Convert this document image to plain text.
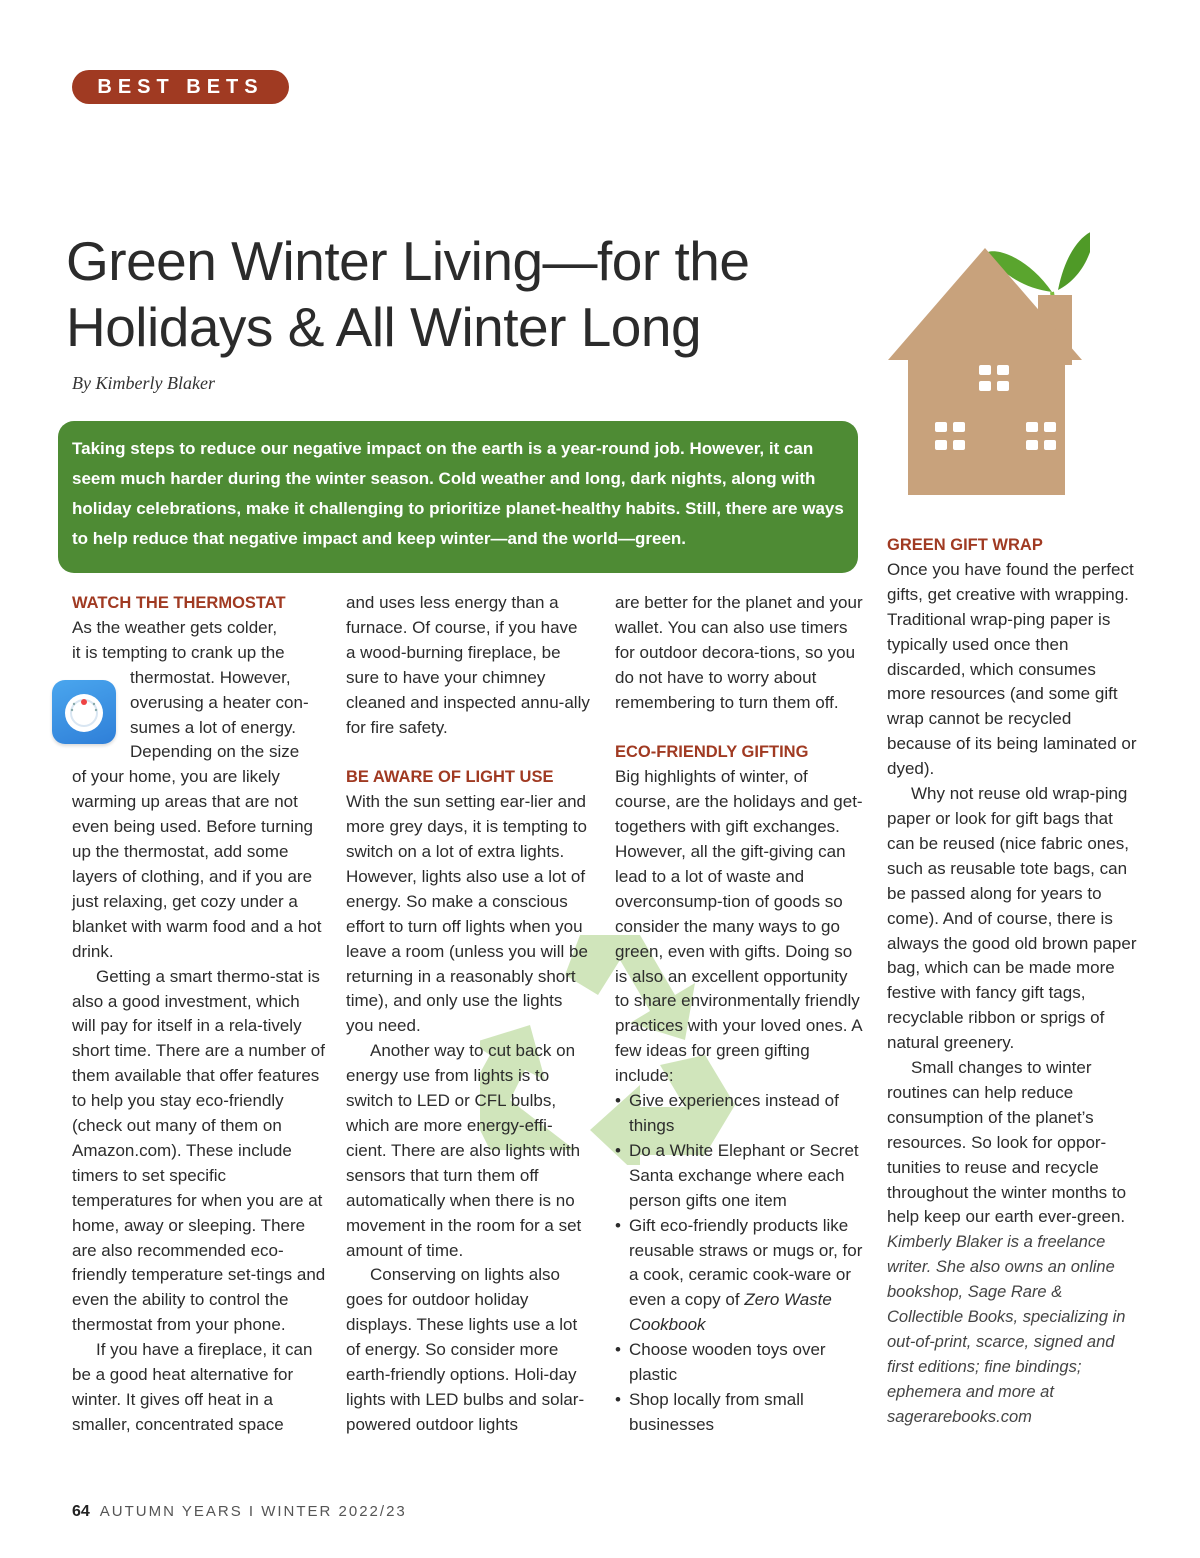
BEST BETS
Green Winter Living—for the
Holidays & All Winter Long
By Kimberly Blaker
Taking steps to reduce our negative impact on the earth is a year-round job. However, it can seem much harder during the winter season. Cold weather and long, dark nights, along with holiday celebrations, make it challenging to prioritize planet-healthy habits. Still, there are ways to help reduce that negative impact and keep winter—and the world—green.

WATCH THE THERMOSTAT

As the weather gets colder,

it is tempting to crank up the

thermostat. However,

overusing a heater con-

sumes a lot of energy.

Depending on the size

of your home, you are likely warming up areas that are not even being used. Before turning up the thermostat, add some layers of clothing, and if you are just relaxing, get cozy under a blanket with warm food and a hot drink.

Getting a smart thermo-stat is also a good investment, which will pay for itself in a rela-tively short time. There are a number of them available that offer features to help you stay eco-friendly (check out many of them on Amazon.com). These include timers to set specific temperatures for when you are at home, away or sleeping. There are also recommended eco-friendly temperature set-tings and even the ability to control the thermostat from your phone.

If you have a fireplace, it can be a good heat alternative for winter. It gives off heat in a smaller, concentrated space

and uses less energy than a furnace. Of course, if you have a wood-burning fireplace, be sure to have your chimney cleaned and inspected annu-ally for fire safety.

BE AWARE OF LIGHT USE

With the sun setting ear-lier and more grey days, it is tempting to switch on a lot of extra lights. However, lights also use a lot of energy. So make a conscious effort to turn off lights when you leave a room (unless you will be returning in a reasonably short time), and only use the lights you need.

Another way to cut back on energy use from lights is to switch to LED or CFL bulbs, which are more energy-effi-cient. There are also lights with sensors that turn them off automatically when there is no movement in the room for a set amount of time.

Conserving on lights also goes for outdoor holiday displays. These lights use a lot of energy. So consider more earth-friendly options. Holi-day lights with LED bulbs and solar-powered outdoor lights

are better for the planet and your wallet. You can also use timers for outdoor decora-tions, so you do not have to worry about remembering to turn them off.

ECO-FRIENDLY GIFTING

Big highlights of winter, of course, are the holidays and get-togethers with gift exchanges. However, all the gift-giving can lead to a lot of waste and overconsump-tion of goods so consider the many ways to go green, even with gifts. Doing so is also an excellent opportunity to share environmentally friendly practices with your loved ones. A few ideas for green gifting include:

• Give experiences instead of things
• Do a White Elephant or Secret Santa exchange where each person gifts one item
• Gift eco-friendly products like reusable straws or mugs or, for a cook, ceramic cook-ware or even a copy of Zero Waste Cookbook
• Choose wooden toys over plastic
• Shop locally from small businesses

GREEN GIFT WRAP

Once you have found the perfect gifts, get creative with wrapping. Traditional wrap-ping paper is typically used once then discarded, which consumes more resources (and some gift wrap cannot be recycled because of its being laminated or dyed).

Why not reuse old wrap-ping paper or look for gift bags that can be reused (nice fabric ones, such as reusable tote bags, can be passed along for years to come). And of course, there is always the good old brown paper bag, which can be made more festive with fancy gift tags, recyclable ribbon or sprigs of natural greenery.

Small changes to winter routines can help reduce consumption of the planet’s resources. So look for oppor-tunities to reuse and recycle throughout the winter months to help keep our earth ever-green.

Kimberly Blaker is a freelance writer. She also owns an online bookshop, Sage Rare & Collectible Books, specializing in out-of-print, scarce, signed and first editions; fine bindings; ephemera and more at sagerarebooks.com

64 AUTUMN YEARS I WINTER 2022/23
